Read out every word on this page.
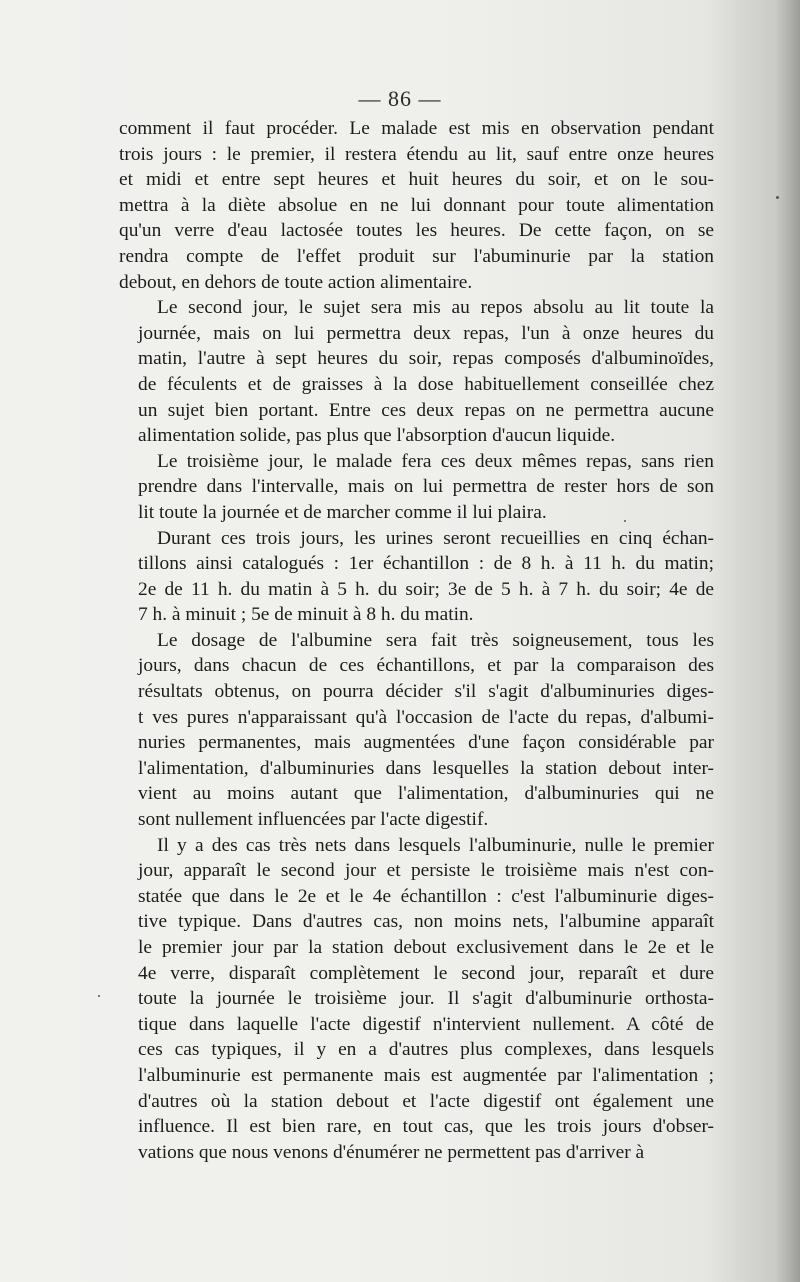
— 86 —
comment il faut procéder. Le malade est mis en observation pendant
trois jours : le premier, il restera étendu au lit, sauf entre onze heures
et midi et entre sept heures et huit heures du soir, et on le sou-
mettra à la diète absolue en ne lui donnant pour toute alimentation
qu'un verre d'eau lactosée toutes les heures. De cette façon, on se
rendra compte de l'effet produit sur l'abuminurie par la station
debout, en dehors de toute action alimentaire.
Le second jour, le sujet sera mis au repos absolu au lit toute la
journée, mais on lui permettra deux repas, l'un à onze heures du
matin, l'autre à sept heures du soir, repas composés d'albuminoïdes,
de féculents et de graisses à la dose habituellement conseillée chez
un sujet bien portant. Entre ces deux repas on ne permettra aucune
alimentation solide, pas plus que l'absorption d'aucun liquide.
Le troisième jour, le malade fera ces deux mêmes repas, sans rien
prendre dans l'intervalle, mais on lui permettra de rester hors de son
lit toute la journée et de marcher comme il lui plaira.
Durant ces trois jours, les urines seront recueillies en cinq échan-
tillons ainsi catalogués : 1er échantillon : de 8 h. à 11 h. du matin;
2e de 11 h. du matin à 5 h. du soir; 3e de 5 h. à 7 h. du soir; 4e de
7 h. à minuit ; 5e de minuit à 8 h. du matin.
Le dosage de l'albumine sera fait très soigneusement, tous les
jours, dans chacun de ces échantillons, et par la comparaison des
résultats obtenus, on pourra décider s'il s'agit d'albuminuries diges-
t ves pures n'apparaissant qu'à l'occasion de l'acte du repas, d'albumi-
nuries permanentes, mais augmentées d'une façon considérable par
l'alimentation, d'albuminuries dans lesquelles la station debout inter-
vient au moins autant que l'alimentation, d'albuminuries qui ne
sont nullement influencées par l'acte digestif.
Il y a des cas très nets dans lesquels l'albuminurie, nulle le premier
jour, apparaît le second jour et persiste le troisième mais n'est con-
statée que dans le 2e et le 4e échantillon : c'est l'albuminurie diges-
tive typique. Dans d'autres cas, non moins nets, l'albumine apparaît
le premier jour par la station debout exclusivement dans le 2e et le
4e verre, disparaît complètement le second jour, reparaît et dure
toute la journée le troisième jour. Il s'agit d'albuminurie orthosta-
tique dans laquelle l'acte digestif n'intervient nullement. A côté de
ces cas typiques, il y en a d'autres plus complexes, dans lesquels
l'albuminurie est permanente mais est augmentée par l'alimentation ;
d'autres où la station debout et l'acte digestif ont également une
influence. Il est bien rare, en tout cas, que les trois jours d'obser-
vations que nous venons d'énumérer ne permettent pas d'arriver à
